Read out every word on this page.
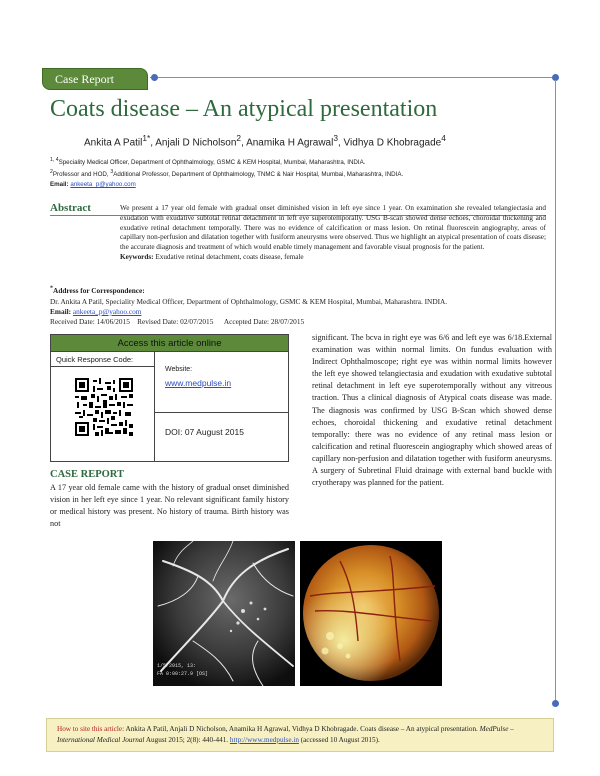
Case Report
Coats disease – An atypical presentation
Ankita A Patil$^{1*}$, Anjali D Nicholson$^2$, Anamika H Agrawal$^3$, Vidhya D Khobragade$^4$
$^{1, 4}$Speciality Medical Officer, Department of Ophthalmology, GSMC & KEM Hospital, Mumbai, Maharashtra, INDIA.
$^2$Professor and HOD, $^3$Additional Professor, Department of Ophthalmology, TNMC & Nair Hospital, Mumbai, Maharashtra, INDIA.
Email: ankeeta_p@yahoo.com
Abstract	We present a 17 year old female with gradual onset diminished vision in left eye since 1 year. On examination she revealed telangiectasia and exudation with exudative subtotal retinal detachment in left eye superotemporally. USG B-scan showed dense echoes, choroidal thickening and exudative retinal detachment temporally. There was no evidence of calcification or mass lesion. On retinal fluorescein angiography, areas of capillary non-perfusion and dilatation together with fusiform aneurysms were observed. Thus we highlight an atypical presentation of coats disease; the accurate diagnosis and treatment of which would enable timely management and favorable visual prognosis for the patient.
Keywords: Exudative retinal detachment, coats disease, female
*Address for Correspondence:
Dr. Ankita A Patil, Speciality Medical Officer, Department of Ophthalmology, GSMC & KEM Hospital, Mumbai, Maharashtra. INDIA.
Email: ankeeta_p@yahoo.com
Received Date: 14/06/2015 Revised Date: 02/07/2015 Accepted Date: 28/07/2015
Access this article online
Quick Response Code:
Website:
www.medpulse.in
DOI: 07 August 2015
CASE REPORT
A 17 year old female came with the history of gradual onset diminished vision in her left eye since 1 year. No relevant significant family history or medical history was present. No history of trauma. Birth history was not
significant. The bcva in right eye was 6/6 and left eye was 6/18.External examination was within normal limits. On fundus evaluation with Indirect Ophthalmoscope; right eye was within normal limits however the left eye showed telangiectasia and exudation with exudative subtotal retinal detachment in left eye superotemporally without any vitreous traction. Thus a clinical diagnosis of Atypical coats disease was made. The diagnosis was confirmed by USG B-Scan which showed dense echoes, choroidal thickening and exudative retinal detachment temporally: there was no evidence of any retinal mass lesion or calcification and retinal fluorescein angiography which showed areas of capillary non-perfusion and dilatation together with fusiform aneurysms. A surgery of Subretinal Fluid drainage with external band buckle with cryotherapy was planned for the patient.
1/5/2015, 13:
FA 0:00:27.9 [OS]
How to site this article: Ankita A Patil, Anjali D Nicholson, Anamika H Agrawal, Vidhya D Khobragade. Coats disease – An atypical presentation. MedPulse – International Medical Journal August 2015; 2(8): 440-441. http://www.medpulse.in (accessed 10 August 2015).
